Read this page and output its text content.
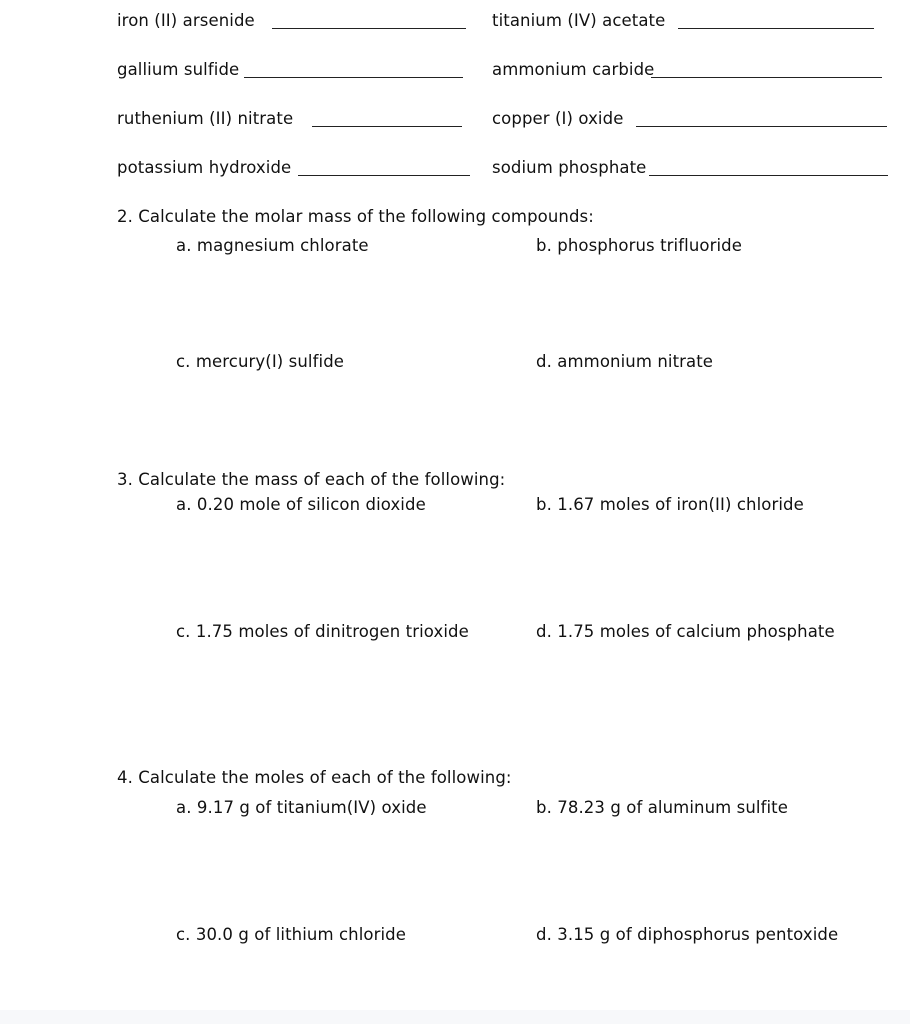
iron (II) arsenide	titanium (IV) acetate
gallium sulfide	ammonium carbide
ruthenium (II) nitrate	copper (I) oxide
potassium hydroxide	sodium phosphate
2. Calculate the molar mass of the following compounds:
a. magnesium chlorate	b. phosphorus trifluoride
c. mercury(I) sulfide	d. ammonium nitrate
3. Calculate the mass of each of the following:
a. 0.20 mole of silicon dioxide	b. 1.67 moles of iron(II) chloride
c. 1.75 moles of dinitrogen trioxide	d. 1.75 moles of calcium phosphate
4. Calculate the moles of each of the following:
a. 9.17 g of titanium(IV) oxide	b. 78.23 g of aluminum sulfite
c. 30.0 g of lithium chloride	d. 3.15 g of diphosphorus pentoxide
